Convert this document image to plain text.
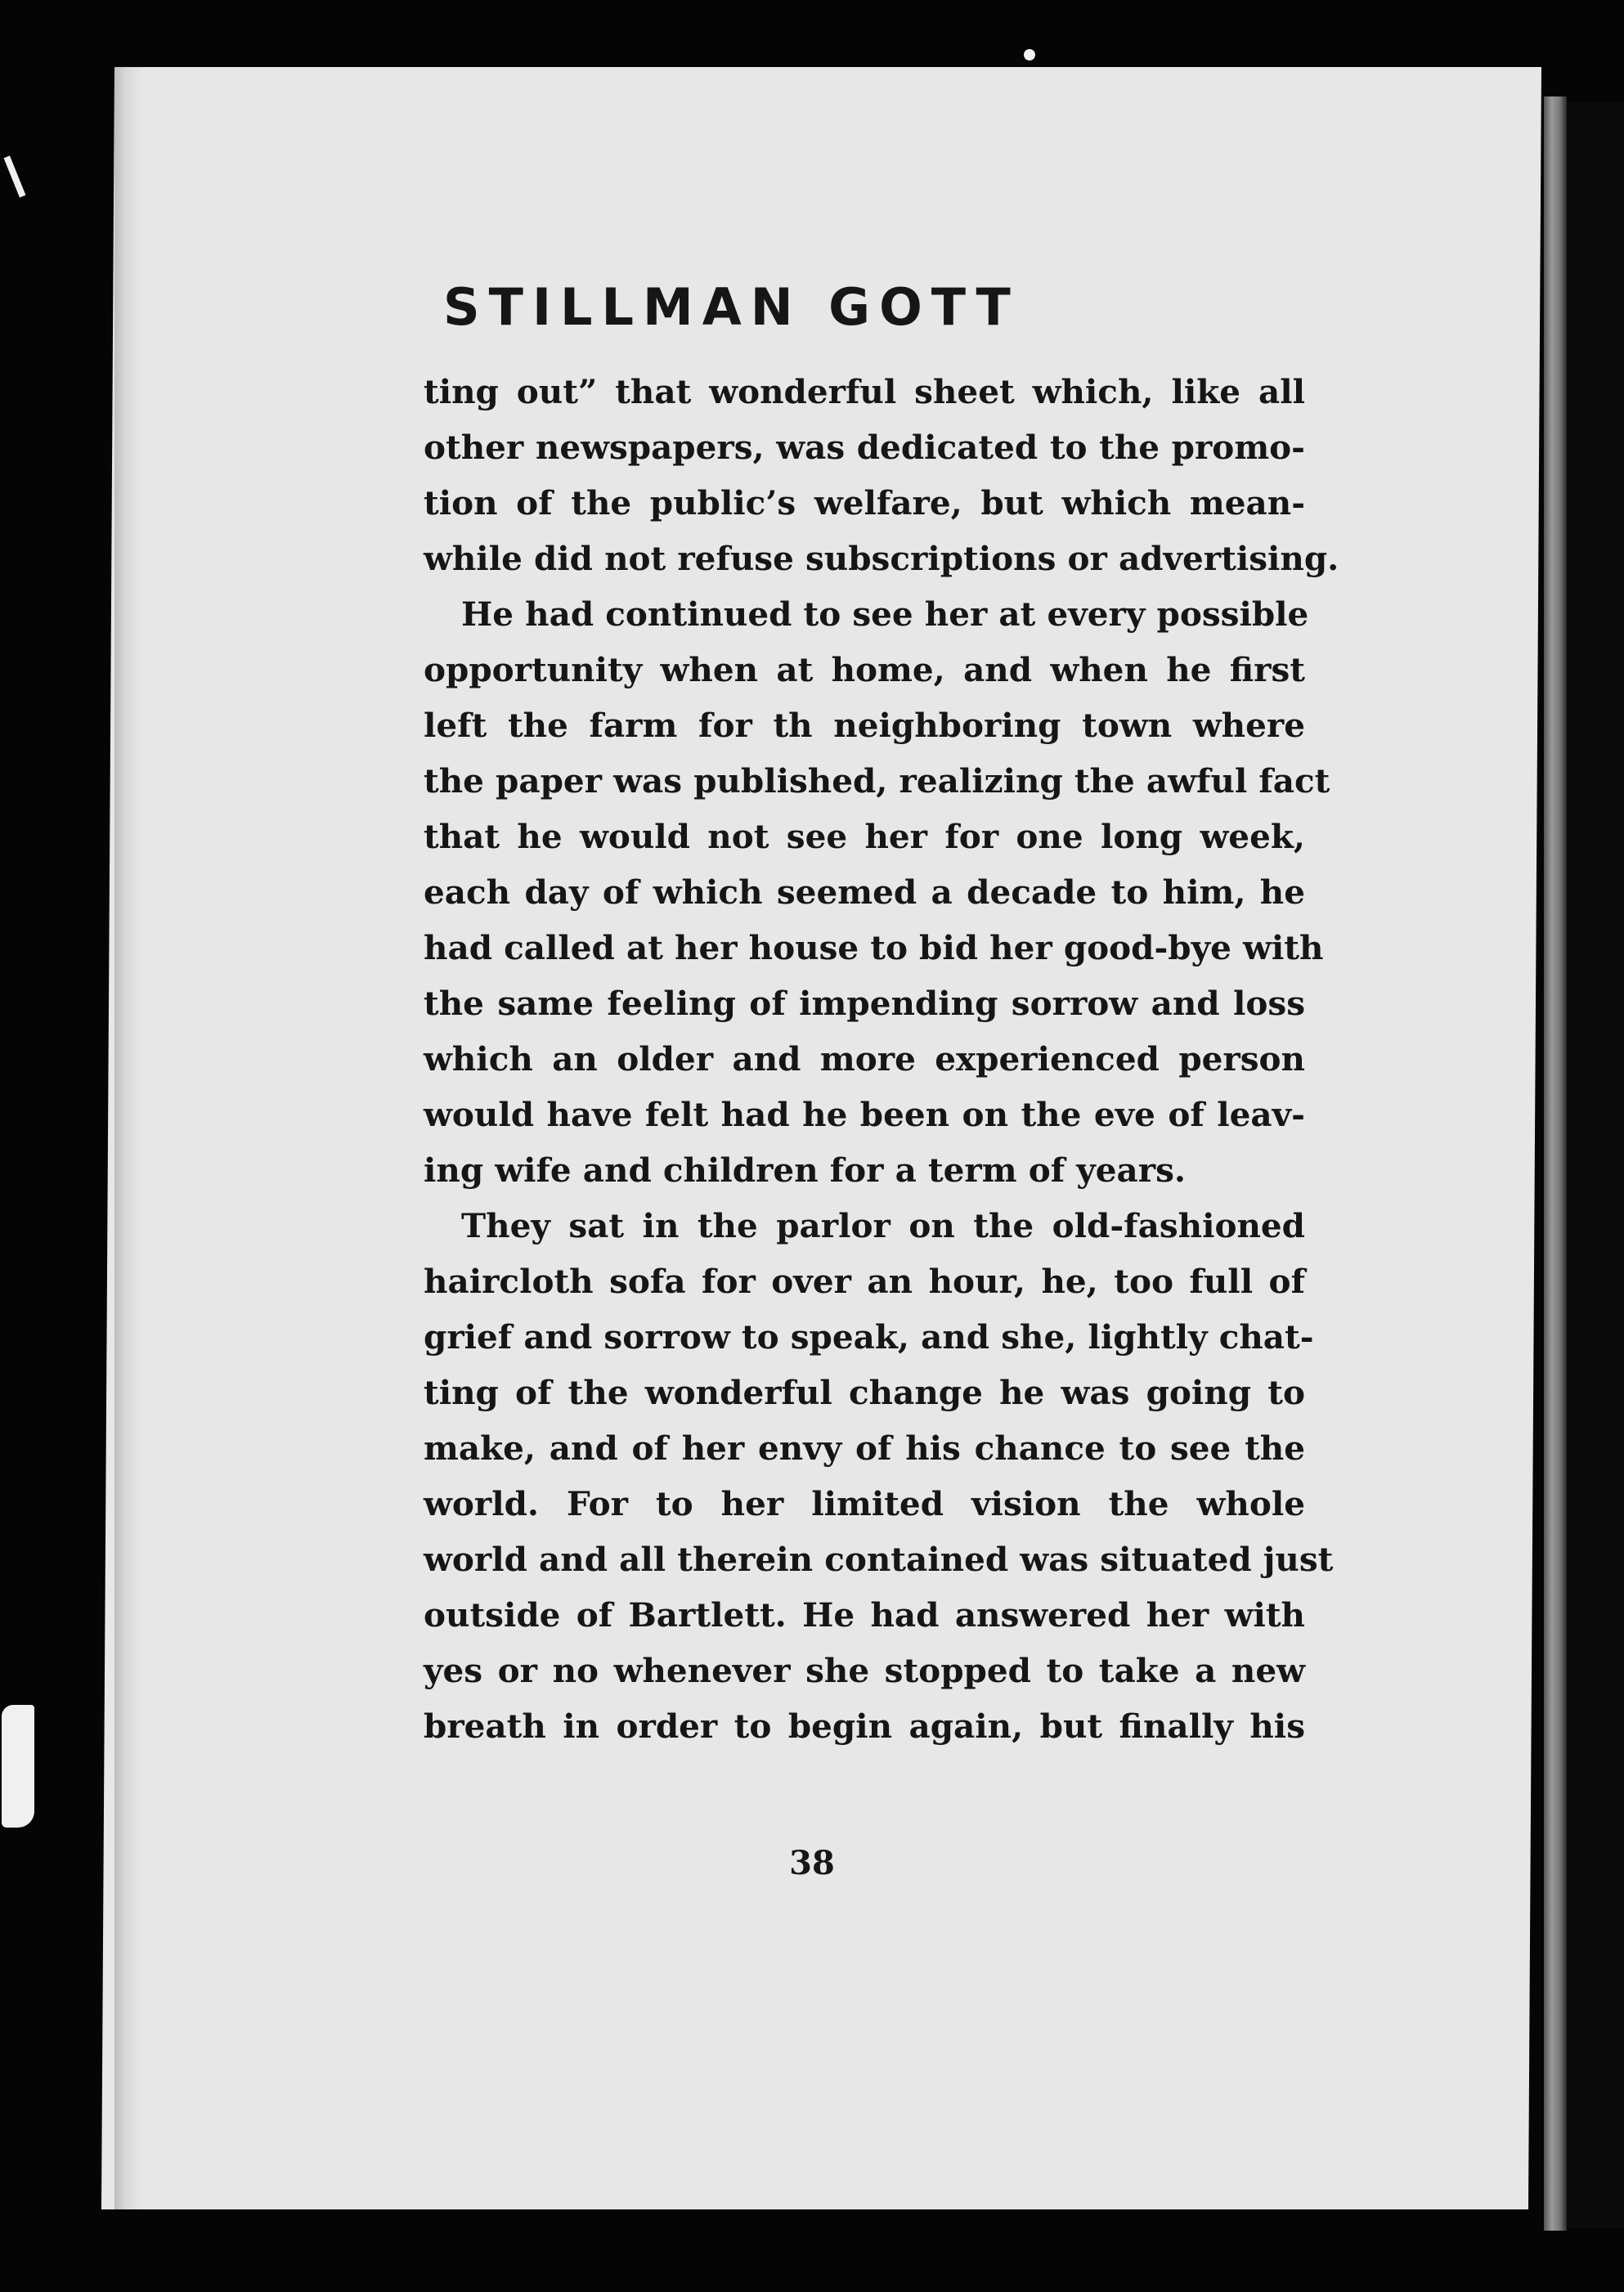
STILLMAN GOTT

ting out” that wonderful sheet which, like all
other newspapers, was dedicated to the promo-
tion of the public’s welfare, but which mean-
while did not refuse subscriptions or advertising.

He had continued to see her at every possible
opportunity when at home, and when he first
left the farm for th neighboring town where
the paper was published, realizing the awful fact
that he would not see her for one long week,
each day of which seemed a decade to him, he
had called at her house to bid her good-bye with
the same feeling of impending sorrow and loss
which an older and more experienced person
would have felt had he been on the eve of leav-
ing wife and children for a term of years.

They sat in the parlor on the old-fashioned
haircloth sofa for over an hour, he, too full of
grief and sorrow to speak, and she, lightly chat-
ting of the wonderful change he was going to
make, and of her envy of his chance to see the
world. For to her limited vision the whole
world and all therein contained was situated just
outside of Bartlett. He had answered her with
yes or no whenever she stopped to take a new
breath in order to begin again, but finally his

38
